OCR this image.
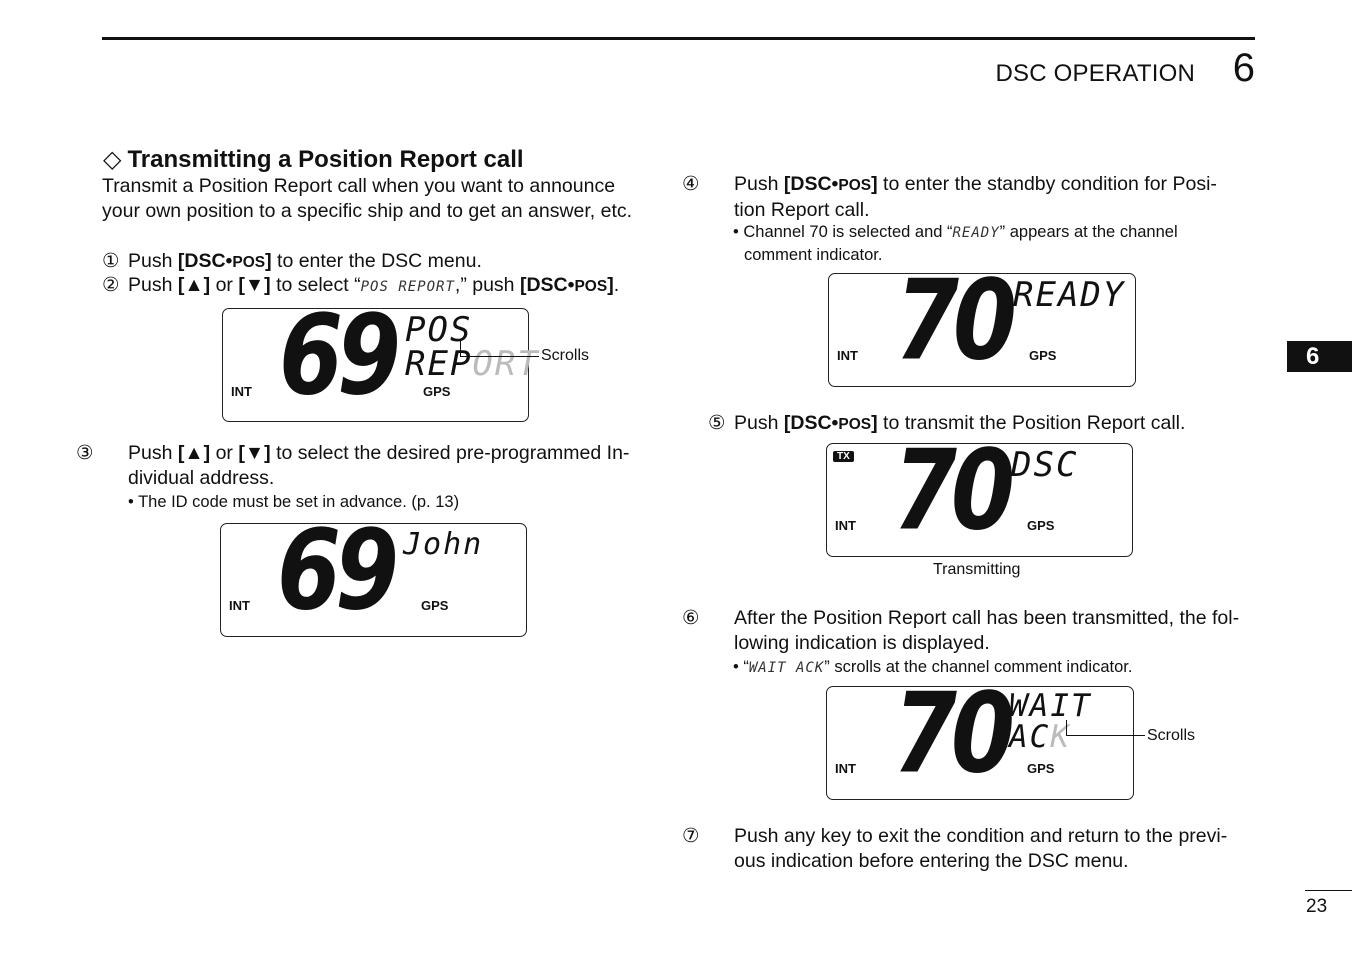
DSC OPERATION 6
6
23
◇ Transmitting a Position Report call
Transmit a Position Report call when you want to announce
your own position to a specific ship and to get an answer, etc.
① Push [DSC•POS] to enter the DSC menu.
② Push [▲] or [▼] to select “POS REPORT,” push [DSC•POS].
69 POS REPORT
INT	GPS
Scrolls
③ Push [▲] or [▼] to select the desired pre-programmed In-
dividual address.
• The ID code must be set in advance. (p. 13)
69 John
INT	GPS
④ Push [DSC•POS] to enter the standby condition for Posi-
tion Report call.
• Channel 70 is selected and “READY” appears at the channel
comment indicator.
70 READY
INT	GPS
⑤ Push [DSC•POS] to transmit the Position Report call.
TX 70 DSC
INT	GPS
Transmitting
⑥ After the Position Report call has been transmitted, the fol-
lowing indication is displayed.
• “WAIT ACK” scrolls at the channel comment indicator.
70 WAIT ACK
INT	GPS
Scrolls
⑦ Push any key to exit the condition and return to the previ-
ous indication before entering the DSC menu.
